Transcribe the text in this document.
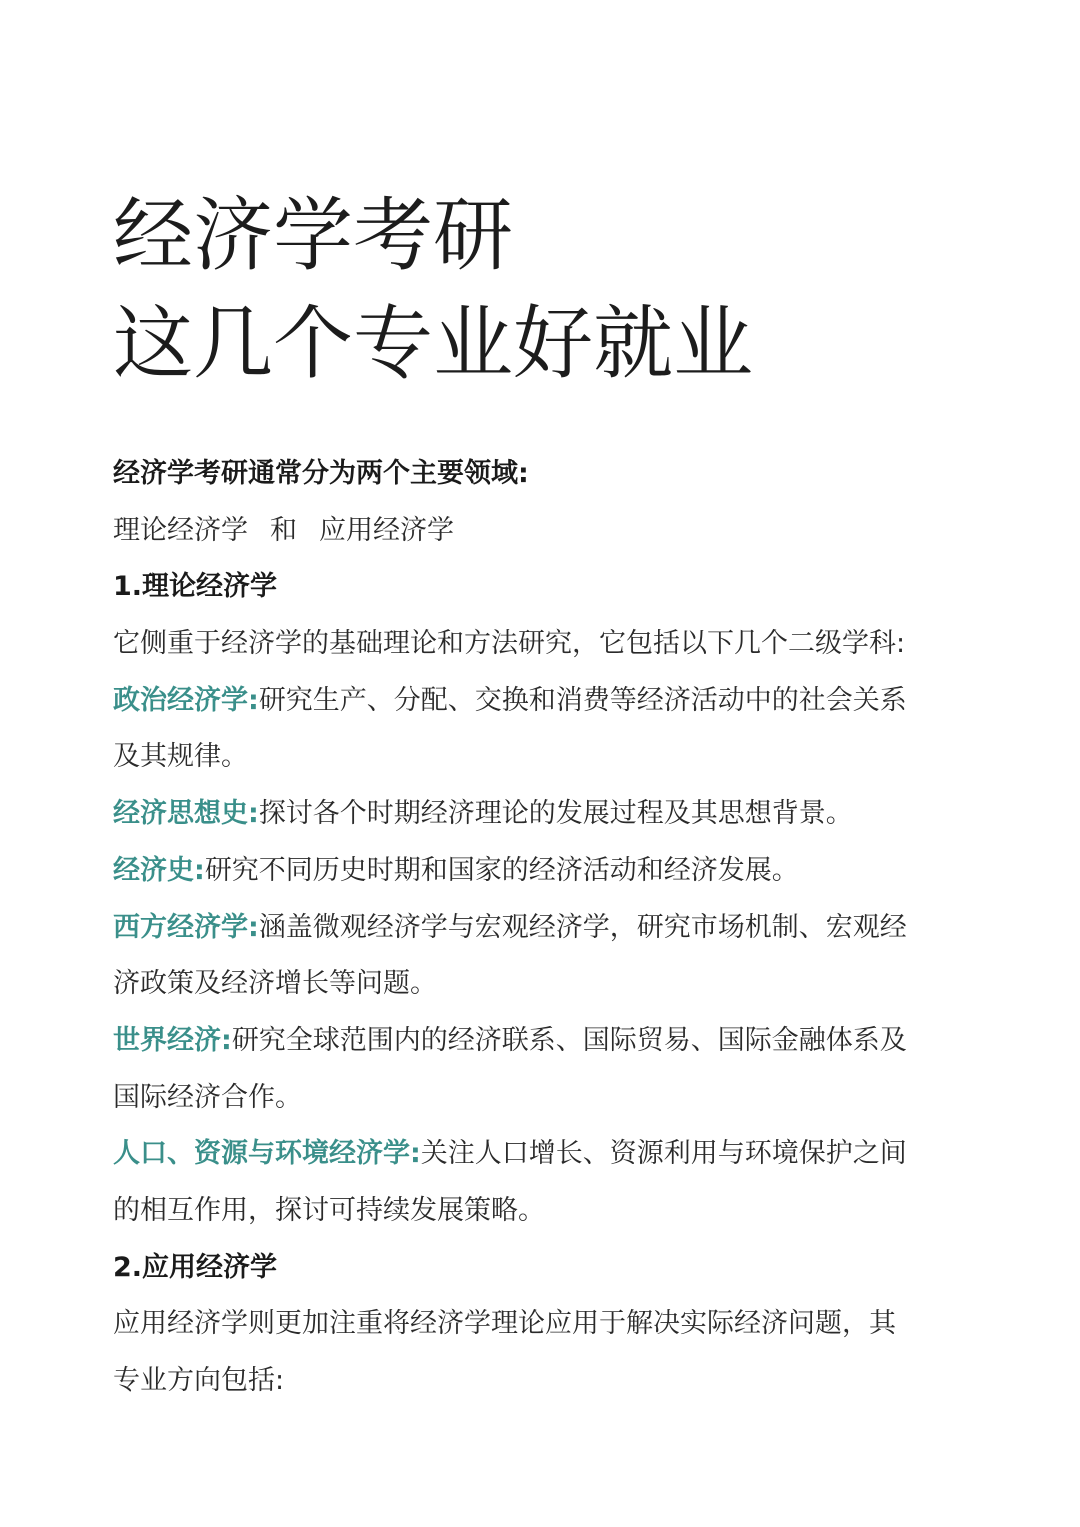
经济学考研
这几个专业好就业
经济学考研通常分为两个主要领域:
理论经济学 和 应用经济学
1.理论经济学
它侧重于经济学的基础理论和方法研究，它包括以下几个二级学科:
政治经济学:研究生产、分配、交换和消费等经济活动中的社会关系
及其规律。
经济思想史:探讨各个时期经济理论的发展过程及其思想背景。
经济史:研究不同历史时期和国家的经济活动和经济发展。
西方经济学:涵盖微观经济学与宏观经济学，研究市场机制、宏观经
济政策及经济增长等问题。
世界经济:研究全球范围内的经济联系、国际贸易、国际金融体系及
国际经济合作。
人口、资源与环境经济学:关注人口增长、资源利用与环境保护之间
的相互作用，探讨可持续发展策略。
2.应用经济学
应用经济学则更加注重将经济学理论应用于解决实际经济问题，其
专业方向包括:
